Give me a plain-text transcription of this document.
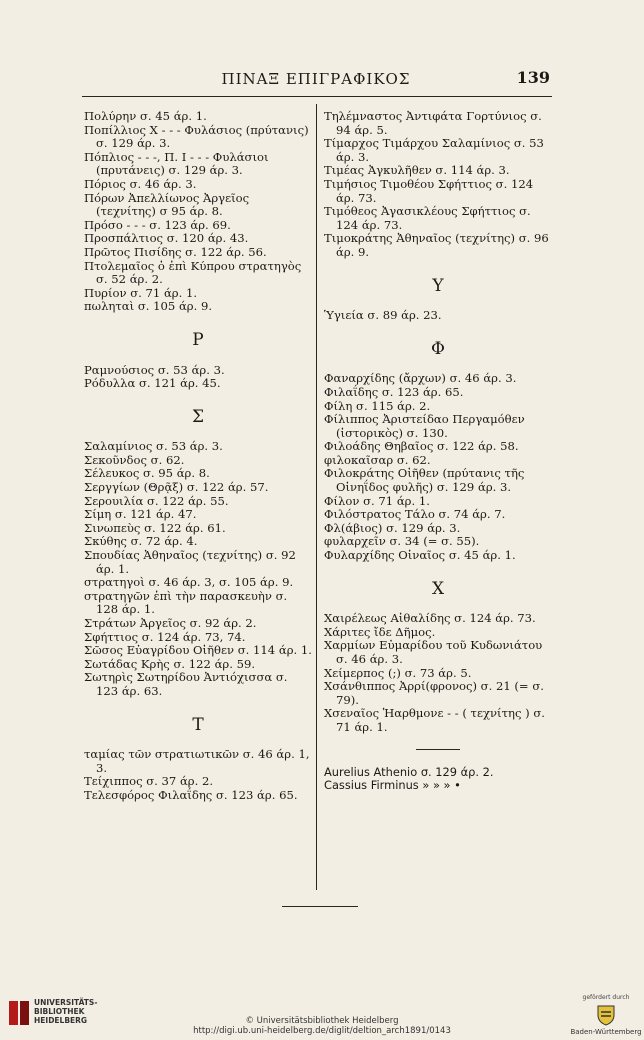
ΠΙΝΑΞ ΕΠΙΓΡΑΦΙΚΟΣ	139

Πολύρην σ. 45 άρ. 1.

Ποπίλλιος Χ - - - Φυλάσιος (πρύτανις) σ. 129 άρ. 3.

Πόπλιος - - -, Π. Ι - - - Φυλάσιοι (πρυτάνεις) σ. 129 άρ. 3.

Πόριος σ. 46 άρ. 3.

Πόρων Ἀπελλίωνος Ἀργεῖος (τεχνίτης) σ 95 άρ. 8.

Πρόσο - - - σ. 123 άρ. 69.

Προσπάλτιος σ. 120 άρ. 43.

Πρῶτος Πισίδης σ. 122 άρ. 56.

Πτολεμαῖος ὁ ἐπὶ Κύπρου στρατηγὸς σ. 52 άρ. 2.

Πυρίον σ. 71 άρ. 1.

πωληταὶ σ. 105 άρ. 9.

Ρ

Ραμνούσιος σ. 53 άρ. 3.

Ρόδυλλα σ. 121 άρ. 45.

Σ

Σαλαμίνιος σ. 53 άρ. 3.

Σεκοῦνδος σ. 62.

Σέλευκος σ. 95 άρ. 8.

Σεργγίων (Θρᾷξ) σ. 122 άρ. 57.

Σερουιλία σ. 122 άρ. 55.

Σίμη σ. 121 άρ. 47.

Σινωπεὺς σ. 122 άρ. 61.

Σκύθης σ. 72 άρ. 4.

Σπουδίας Ἀθηναῖος (τεχνίτης) σ. 92 άρ. 1.

στρατηγοὶ σ. 46 άρ. 3, σ. 105 άρ. 9.

στρατηγῶν ἐπὶ τὴν παρασκευὴν σ. 128 άρ. 1.

Στράτων Ἀργεῖος σ. 92 άρ. 2.

Σφήττιος σ. 124 άρ. 73, 74.

Σῶσος Εὐαγρίδου Οἰῆθεν σ. 114 άρ. 1.

Σωτάδας Κρὴς σ. 122 άρ. 59.

Σωτηρὶς Σωτηρίδου Ἀντιόχισσα σ. 123 άρ. 63.

Τ

ταμίας τῶν στρατιωτικῶν σ. 46 άρ. 1, 3.

Τείχιππος σ. 37 άρ. 2.

Τελεσφόρος Φιλαΐδης σ. 123 άρ. 65.

Τηλέμναστος Ἀντιφάτα Γορτύνιος σ. 94 άρ. 5.

Τίμαρχος Τιμάρχου Σαλαμίνιος σ. 53 άρ. 3.

Τιμέας Ἀγκυλῆθεν σ. 114 άρ. 3.

Τιμήσιος Τιμοθέου Σφήττιος σ. 124 άρ. 73.

Τιμόθεος Ἀγασικλέους Σφήττιος σ. 124 άρ. 73.

Τιμοκράτης Ἀθηναῖος (τεχνίτης) σ. 96 άρ. 9.

Υ

Ὑγιεία σ. 89 άρ. 23.

Φ

Φαναρχίδης (ἄρχων) σ. 46 άρ. 3.

Φιλαΐδης σ. 123 άρ. 65.

Φίλη σ. 115 άρ. 2.

Φίλιππος Ἀριστείδαο Περγαμόθεν (ἱστορικὸς) σ. 130.

Φιλοάδης Θηβαῖος σ. 122 άρ. 58.

φιλοκαῖσαρ σ. 62.

Φιλοκράτης Οἰῆθεν (πρύτανις τῆς Οἰνηΐδος φυλῆς) σ. 129 άρ. 3.

Φίλον σ. 71 άρ. 1.

Φιλόστρατος Τάλο σ. 74 άρ. 7.

Φλ(άβιος) σ. 129 άρ. 3.

φυλαρχεῖν σ. 34 (= σ. 55).

Φυλαρχίδης Οἰναῖος σ. 45 άρ. 1.

Χ

Χαιρέλεως Αἰθαλίδης σ. 124 άρ. 73.

Χάριτες ἴδε Δῆμος.

Χαρμίων Εὐμαρίδου τοῦ Κυδωνιάτου σ. 46 άρ. 3.

Χείμερπος (;) σ. 73 άρ. 5.

Χσάνθιππος Ἀρρί(φρονος) σ. 21 (= σ. 79).

Χσεναῖος Ἡαρθμονε - - ( τεχνίτης ) σ. 71 άρ. 1.

Aurelius Athenio σ. 129 άρ. 2.

Cassius Firminus » » » •

UNIVERSITÄTS-
BIBLIOTHEK
HEIDELBERG	© Universitätsbibliothek Heidelberg
http://digi.ub.uni-heidelberg.de/diglit/deltion_arch1891/0143
gefördert durch
Baden-Württemberg
